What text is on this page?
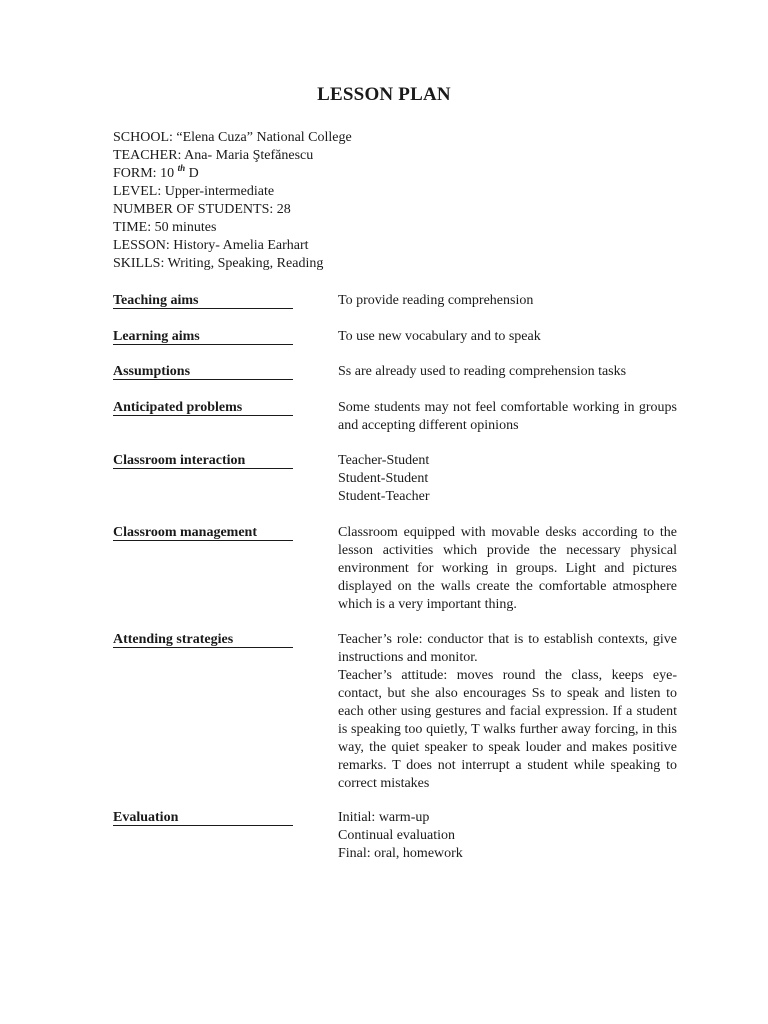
LESSON PLAN
SCHOOL: “Elena Cuza” National College
TEACHER: Ana- Maria Ştefănescu
FORM: 10 $^{th}$ D
LEVEL: Upper-intermediate
NUMBER OF STUDENTS: 28
TIME: 50 minutes
LESSON: History- Amelia Earhart
SKILLS: Writing, Speaking, Reading
Teaching aims	To provide reading comprehension
Learning aims	To use new vocabulary and to speak
Assumptions	Ss are already used to reading comprehension tasks
Anticipated problems	Some students may not feel comfortable working in groups and accepting different opinions
Classroom interaction	Teacher-Student
Student-Student
Student-Teacher
Classroom management	Classroom equipped with movable desks according to the lesson activities which provide the necessary physical environment for working in groups. Light and pictures displayed on the walls create the comfortable atmosphere which is a very important thing.
Attending strategies	Teacher’s role: conductor that is to establish contexts, give instructions and monitor.
Teacher’s attitude: moves round the class, keeps eye-contact, but she also encourages Ss to speak and listen to each other using gestures and facial expression. If a student is speaking too quietly, T walks further away forcing, in this way, the quiet speaker to speak louder and makes positive remarks. T does not interrupt a student while speaking to correct mistakes
Evaluation	Initial: warm-up
Continual evaluation
Final: oral, homework
